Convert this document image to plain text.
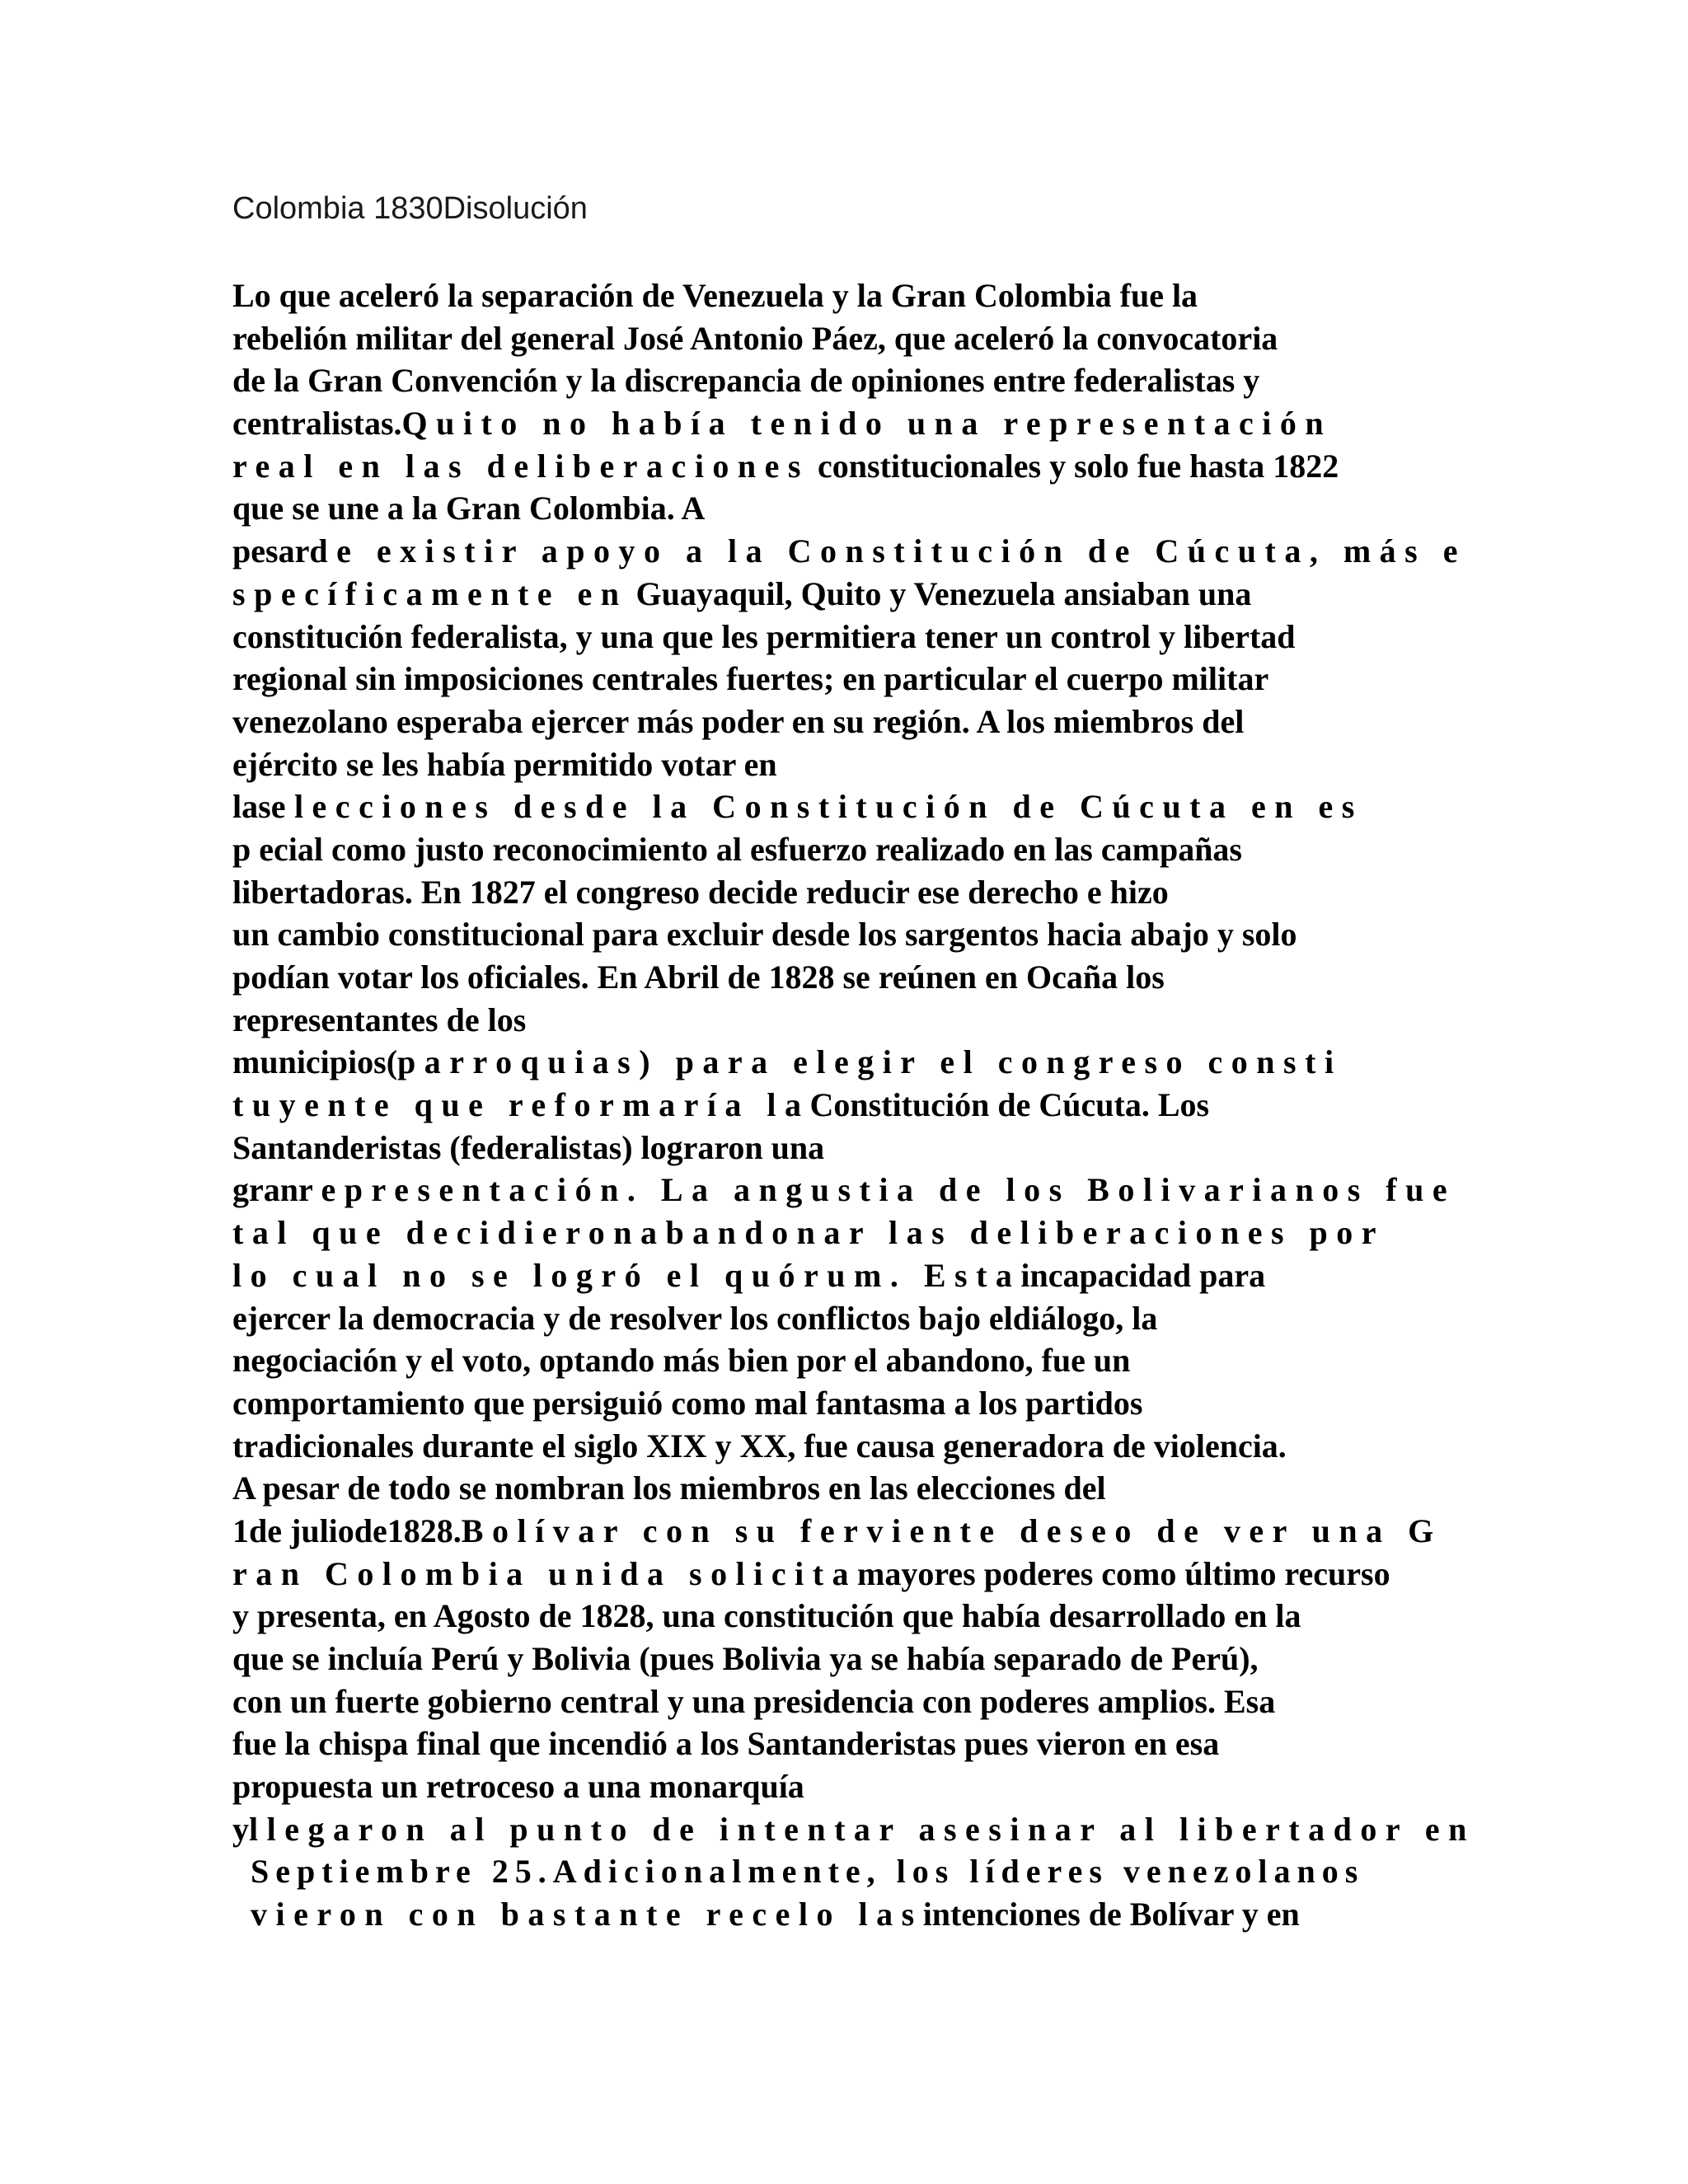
Colombia 1830Disolución

Lo que aceleró la separación de Venezuela y la Gran Colombia fue la
rebelión militar del general José Antonio Páez, que aceleró la convocatoria
de la Gran Convención y la discrepancia de opiniones entre federalistas y
centralistas.Quito no había tenido una representación
real en las deliberaciones constitucionales y solo fue hasta 1822
que se une a la Gran Colombia. A
pesarde existir apoyo a la Constitución de Cúcuta, más e
specíficamente en Guayaquil, Quito y Venezuela ansiaban una
constitución federalista, y una que les permitiera tener un control y libertad
regional sin imposiciones centrales fuertes; en particular el cuerpo militar
venezolano esperaba ejercer más poder en su región. A los miembros del
ejército se les había permitido votar en
laselecciones desde la Constitución de Cúcuta en es
p ecial como justo reconocimiento al esfuerzo realizado en las campañas
libertadoras. En 1827 el congreso decide reducir ese derecho e hizo
un cambio constitucional para excluir desde los sargentos hacia abajo y solo
podían votar los oficiales. En Abril de 1828 se reúnen en Ocaña los
representantes de los
municipios(parroquias) para elegir el congreso consti
tuyente que reformaría laConstitución de Cúcuta. Los
Santanderistas (federalistas) lograron una
granrepresentación. La angustia de los Bolivarianos fue
tal que decidieronabandonar las deliberaciones por
lo cual no se logró el quórum. Estaincapacidad para
ejercer la democracia y de resolver los conflictos bajo eldiálogo, la
negociación y el voto, optando más bien por el abandono, fue un
comportamiento que persiguió como mal fantasma a los partidos
tradicionales durante el siglo XIX y XX, fue causa generadora de violencia.
A pesar de todo se nombran los miembros en las elecciones del
1de juliode1828.Bolívar con su ferviente deseo de ver una G
ran Colombia unida solicitamayores poderes como último recurso
y presenta, en Agosto de 1828, una constitución que había desarrollado en la
que se incluía Perú y Bolivia (pues Bolivia ya se había separado de Perú),
con un fuerte gobierno central y una presidencia con poderes amplios. Esa
fue la chispa final que incendió a los Santanderistas pues vieron en esa
propuesta un retroceso a una monarquía
yllegaron al punto de intentar asesinar al libertador en
Septiembre 25.Adicionalmente, los líderes venezolanos
vieron con bastante recelo lasintenciones de Bolívar y en
